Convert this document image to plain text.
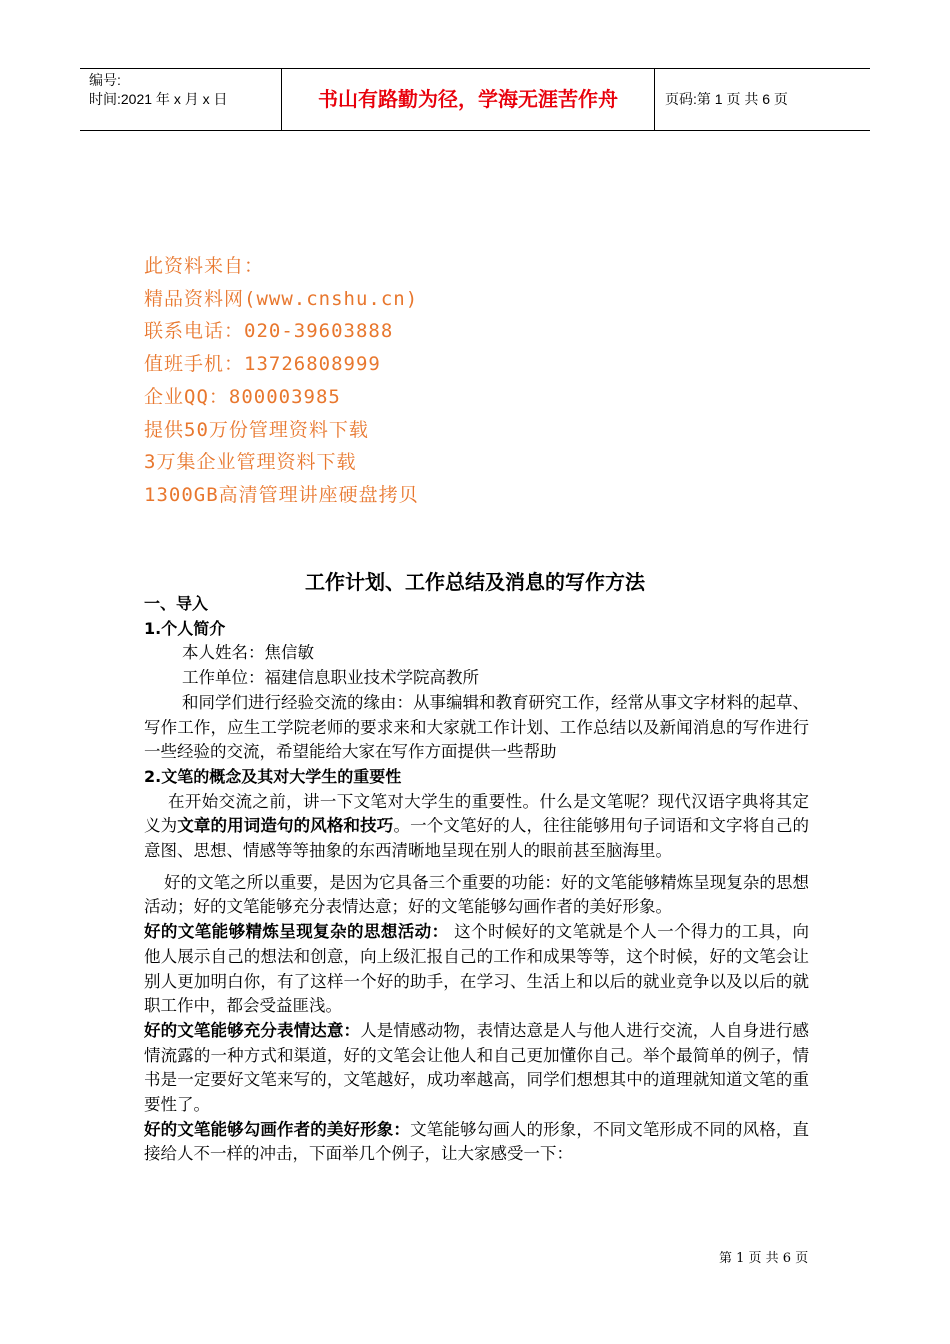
编号:
时间:2021 年 x 月 x 日	书山有路勤为径，学海无涯苦作舟	页码:第 1 页 共 6 页
此资料来自：
精品资料网(www.cnshu.cn)
联系电话：020-39603888
值班手机：13726808999
企业QQ：800003985
提供50万份管理资料下载
3万集企业管理资料下载
1300GB高清管理讲座硬盘拷贝
工作计划、工作总结及消息的写作方法

一、导入

1.个人简介

本人姓名：焦信敏

工作单位：福建信息职业技术学院高教所

和同学们进行经验交流的缘由：从事编辑和教育研究工作，经常从事文字材料的起草、写作工作，应生工学院老师的要求来和大家就工作计划、工作总结以及新闻消息的写作进行一些经验的交流，希望能给大家在写作方面提供一些帮助

2.文笔的概念及其对大学生的重要性

在开始交流之前，讲一下文笔对大学生的重要性。什么是文笔呢？现代汉语字典将其定义为文章的用词造句的风格和技巧。一个文笔好的人，往往能够用句子词语和文字将自己的意图、思想、情感等等抽象的东西清晰地呈现在别人的眼前甚至脑海里。

好的文笔之所以重要，是因为它具备三个重要的功能：好的文笔能够精炼呈现复杂的思想活动；好的文笔能够充分表情达意；好的文笔能够勾画作者的美好形象。

好的文笔能够精炼呈现复杂的思想活动： 这个时候好的文笔就是个人一个得力的工具，向他人展示自己的想法和创意，向上级汇报自己的工作和成果等等，这个时候，好的文笔会让别人更加明白你，有了这样一个好的助手，在学习、生活上和以后的就业竞争以及以后的就职工作中，都会受益匪浅。

好的文笔能够充分表情达意：人是情感动物，表情达意是人与他人进行交流，人自身进行感情流露的一种方式和渠道，好的文笔会让他人和自己更加懂你自己。举个最简单的例子，情书是一定要好文笔来写的，文笔越好，成功率越高，同学们想想其中的道理就知道文笔的重要性了。

好的文笔能够勾画作者的美好形象：文笔能够勾画人的形象，不同文笔形成不同的风格，直接给人不一样的冲击，下面举几个例子，让大家感受一下：

第 1 页 共 6 页
